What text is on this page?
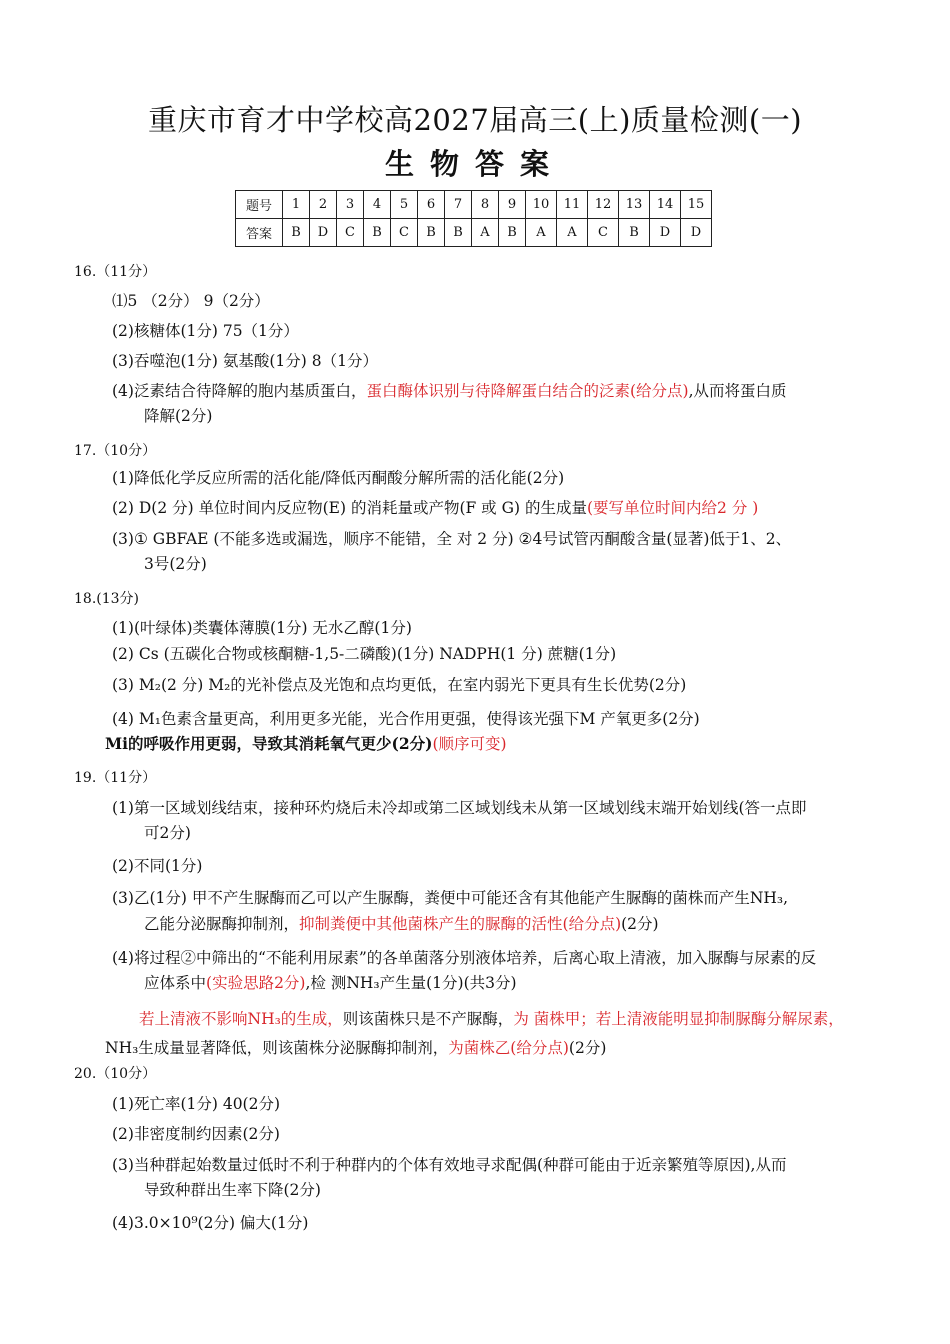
重庆市育才中学校高2027届高三(上)质量检测(一)
生物答案
题号	1	2	3	4	5	6	7	8	9	10	11	12	13	14	15
答案	B	D	C	B	C	B	B	A	B	A	A	C	B	D	D
16.（11分）
⑴5 （2分） 9（2分）
(2)核糖体(1分) 75（1分）
(3)吞噬泡(1分) 氨基酸(1分) 8（1分）
(4)泛素结合待降解的胞内基质蛋白，蛋白酶体识别与待降解蛋白结合的泛素(给分点),从而将蛋白质
降解(2分)
17.（10分）
(1)降低化学反应所需的活化能/降低丙酮酸分解所需的活化能(2分)
(2) D(2 分) 单位时间内反应物(E) 的消耗量或产物(F 或 G) 的生成量(要写单位时间内给2 分 )
(3)① GBFAE (不能多选或漏选，顺序不能错，全 对 2 分) ②4号试管丙酮酸含量(显著)低于1、2、
3号(2分)
18.(13分)
(1)(叶绿体)类囊体薄膜(1分) 无水乙醇(1分)
(2) Cs (五碳化合物或核酮糖-1,5-二磷酸)(1分) NADPH(1 分) 蔗糖(1分)
(3) M₂(2 分) M₂的光补偿点及光饱和点均更低，在室内弱光下更具有生长优势(2分)
(4) M₁色素含量更高，利用更多光能，光合作用更强，使得该光强下M 产氧更多(2分)
Mi的呼吸作用更弱，导致其消耗氧气更少(2分)(顺序可变)
19.（11分）
(1)第一区域划线结束，接种环灼烧后未冷却或第二区域划线未从第一区域划线末端开始划线(答一点即
可2分)
(2)不同(1分)
(3)乙(1分) 甲不产生脲酶而乙可以产生脲酶，粪便中可能还含有其他能产生脲酶的菌株而产生NH₃,
乙能分泌脲酶抑制剂，抑制粪便中其他菌株产生的脲酶的活性(给分点)(2分)
(4)将过程②中筛出的“不能利用尿素”的各单菌落分别液体培养，后离心取上清液，加入脲酶与尿素的反
应体系中(实验思路2分),检 测NH₃产生量(1分)(共3分)
若上清液不影响NH₃的生成，则该菌株只是不产脲酶，为 菌株甲；若上清液能明显抑制脲酶分解尿素，
NH₃生成量显著降低，则该菌株分泌脲酶抑制剂，为菌株乙(给分点)(2分)
20.（10分）
(1)死亡率(1分) 40(2分)
(2)非密度制约因素(2分)
(3)当种群起始数量过低时不利于种群内的个体有效地寻求配偶(种群可能由于近亲繁殖等原因),从而
导致种群出生率下降(2分)
(4)3.0×10⁹(2分) 偏大(1分)
